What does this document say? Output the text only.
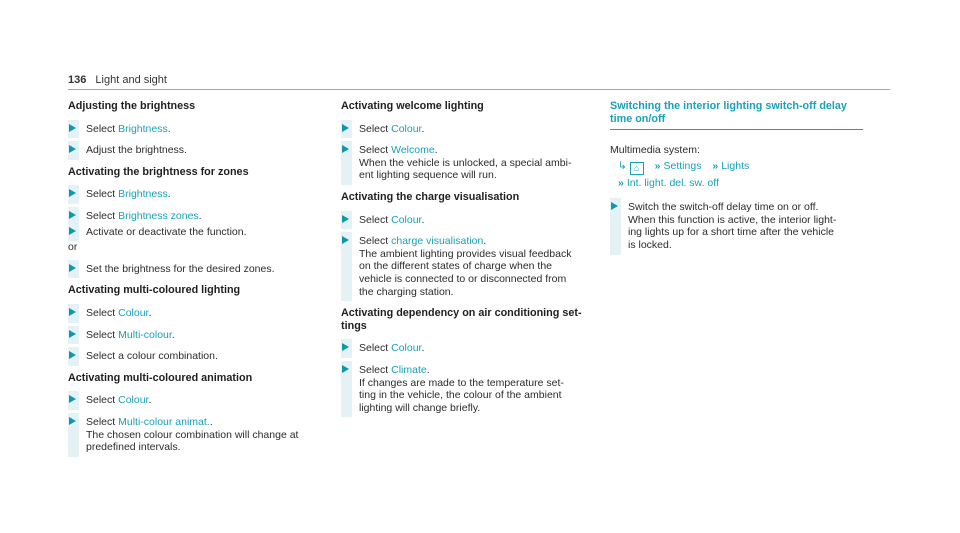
136 Light and sight
Adjusting the brightness
Select Brightness.
Adjust the brightness.
Activating the brightness for zones
Select Brightness.
Select Brightness zones.
Activate or deactivate the function.
or
Set the brightness for the desired zones.
Activating multi-coloured lighting
Select Colour.
Select Multi-colour.
Select a colour combination.
Activating multi-coloured animation
Select Colour.
Select Multi-colour animat..
The chosen colour combination will change at
predefined intervals.
Activating welcome lighting
Select Colour.
Select Welcome.
When the vehicle is unlocked, a special ambi-
ent lighting sequence will run.
Activating the charge visualisation
Select Colour.
Select charge visualisation.
The ambient lighting provides visual feedback
on the different states of charge when the
vehicle is connected to or disconnected from
the charging station.
Activating dependency on air conditioning set-
tings
Select Colour.
Select Climate.
If changes are made to the temperature set-
ting in the vehicle, the colour of the ambient
lighting will change briefly.
Switching the interior lighting switch-off delay
time on/off
Multimedia system:
↳ ⌂ » Settings » Lights
» Int. light. del. sw. off
Switch the switch-off delay time on or off.
When this function is active, the interior light-
ing lights up for a short time after the vehicle
is locked.
